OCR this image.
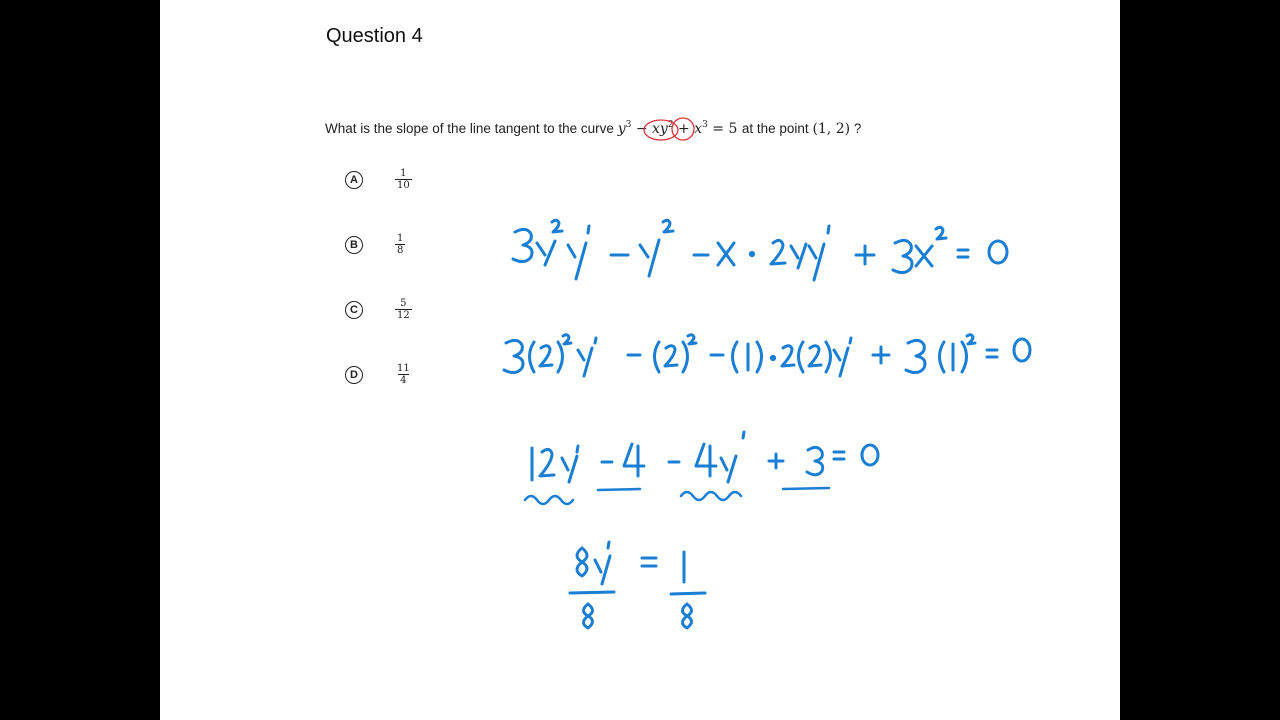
Question 4
What is the slope of the line tangent to the curve $y^3 - xy^2 + x^3 = 5$ at the point (1, 2) ?
A	$\frac{1}{10}$
B	$\frac{1}{8}$
C	$\frac{5}{12}$
D	$\frac{11}{4}$
